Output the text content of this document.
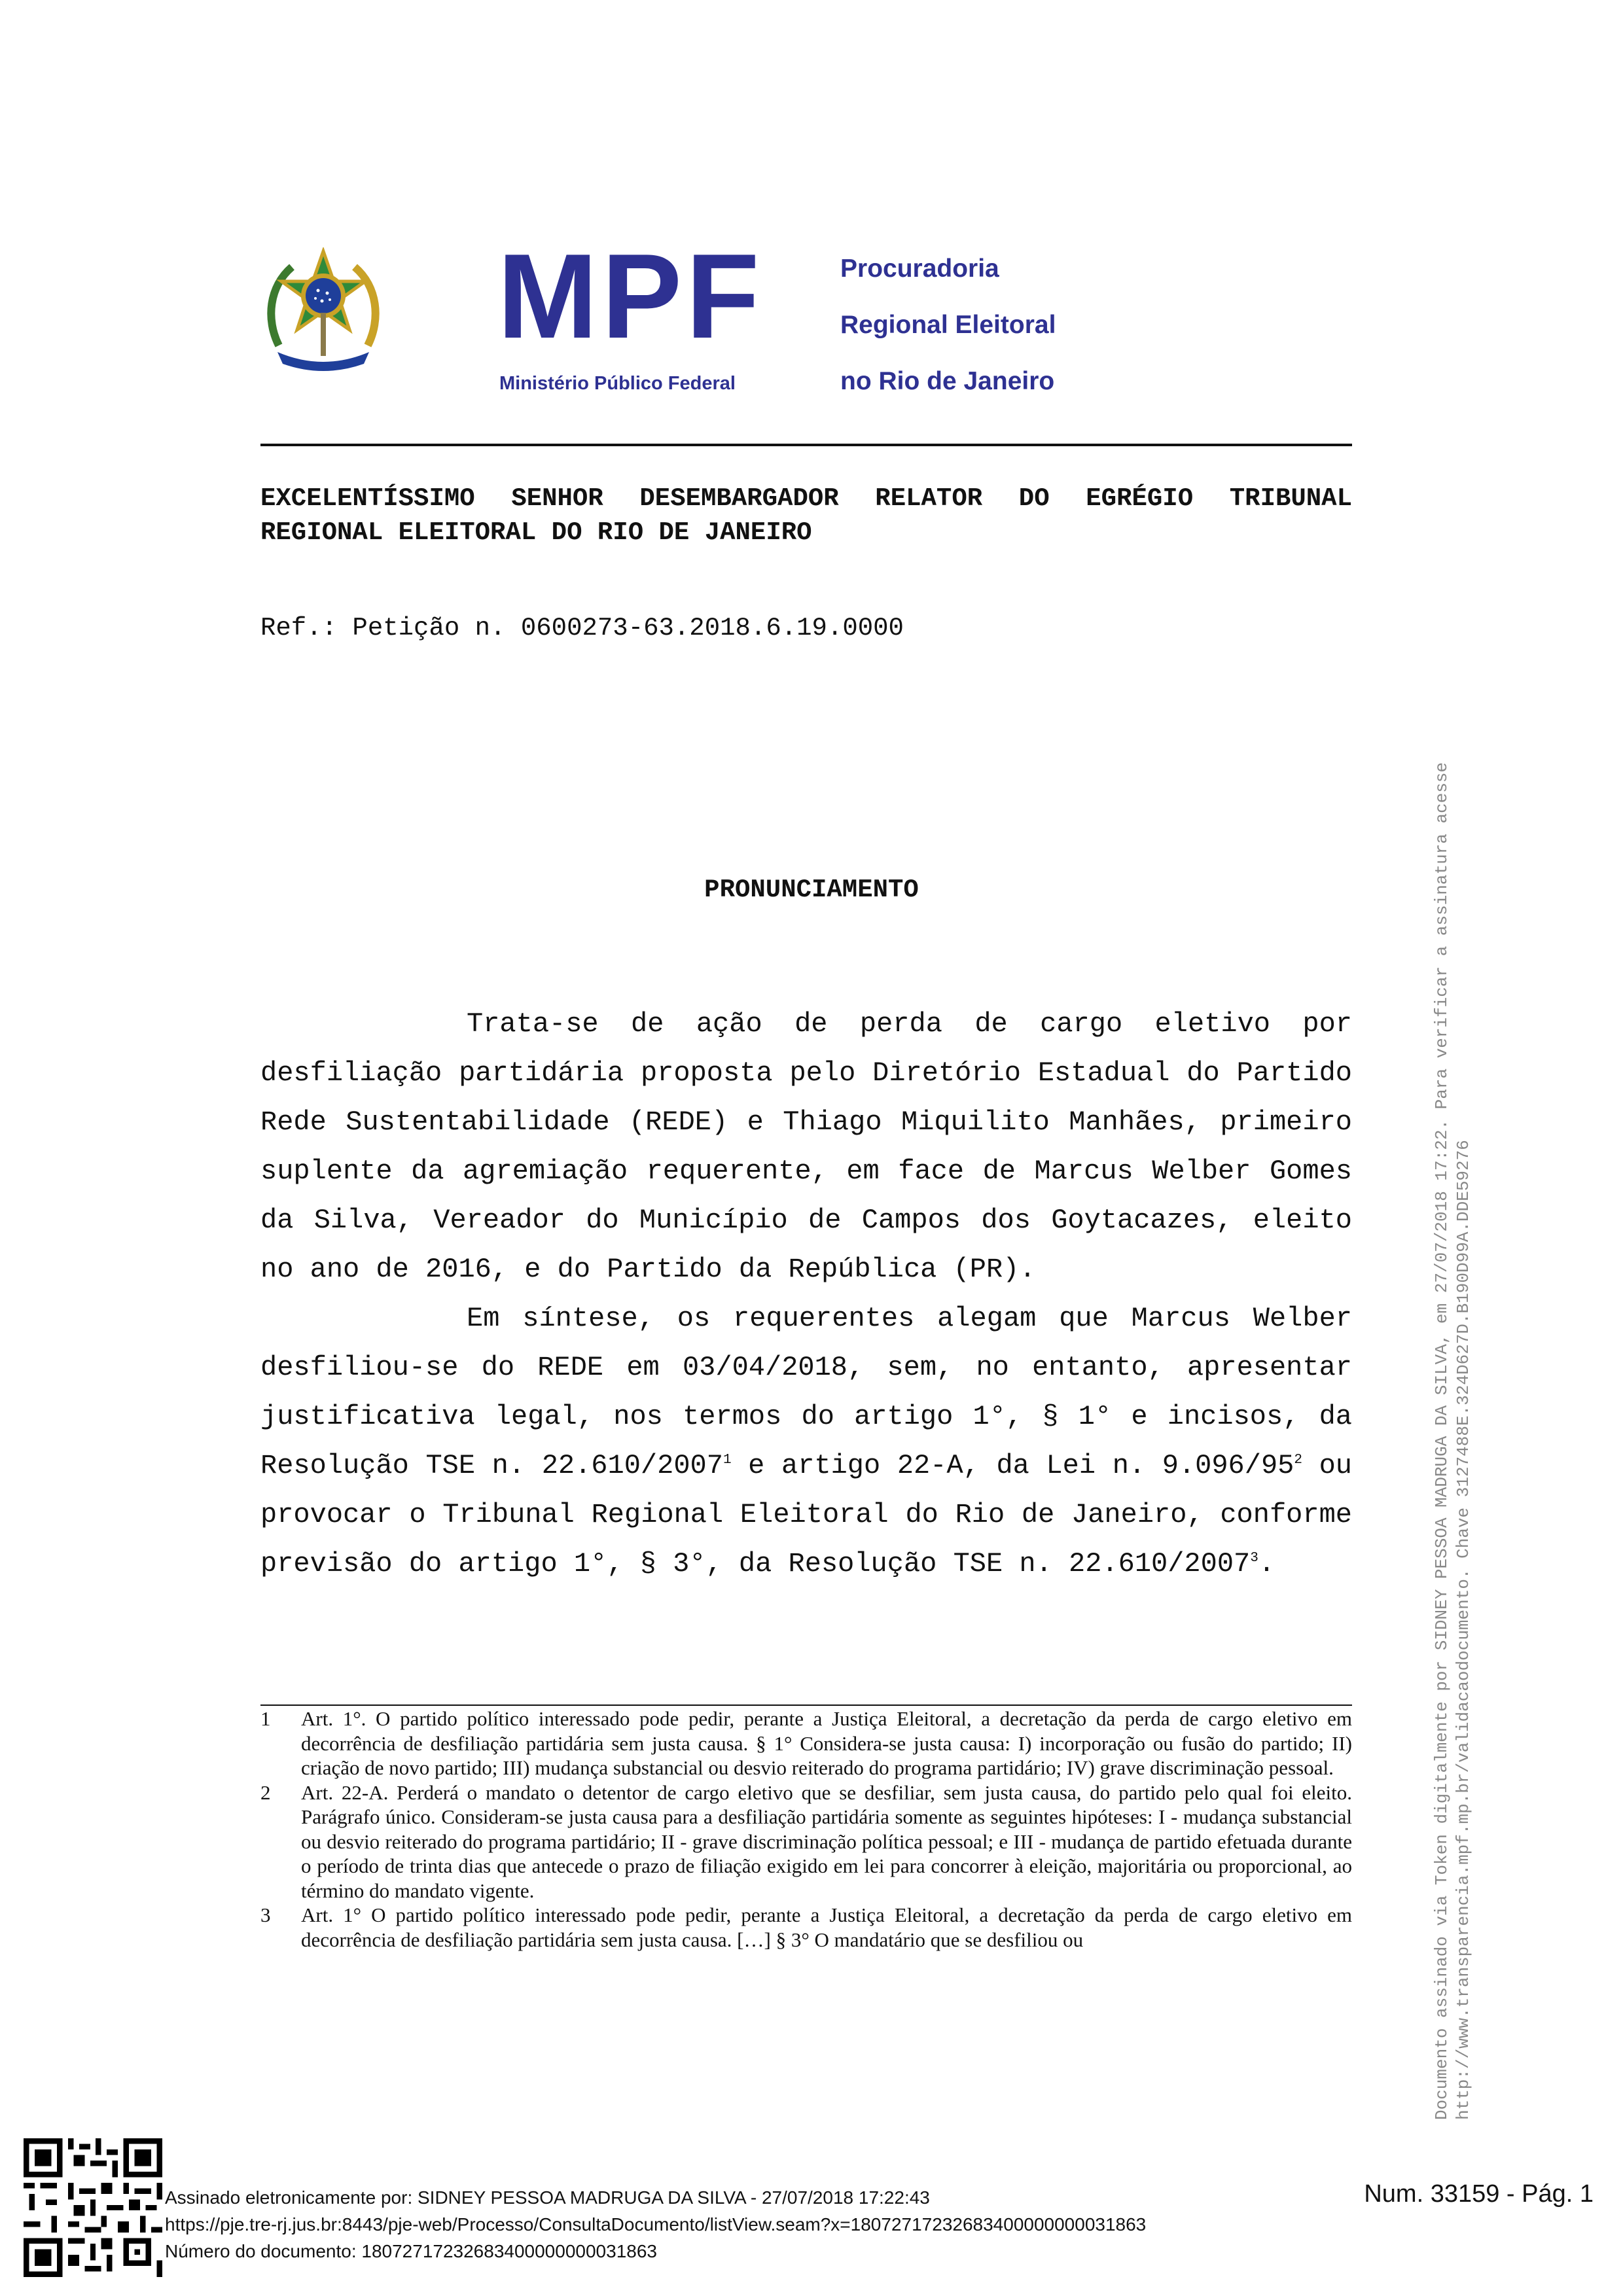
MPF
Ministério Público Federal
Procuradoria
Regional Eleitoral
no Rio de Janeiro
EXCELENTÍSSIMO SENHOR DESEMBARGADOR RELATOR DO EGRÉGIO TRIBUNAL REGIONAL ELEITORAL DO RIO DE JANEIRO
Ref.: Petição n. 0600273-63.2018.6.19.0000
PRONUNCIAMENTO

Trata-se de ação de perda de cargo eletivo por desfiliação partidária proposta pelo Diretório Estadual do Partido Rede Sustentabilidade (REDE) e Thiago Miquilito Manhães, primeiro suplente da agremiação requerente, em face de Marcus Welber Gomes da Silva, Vereador do Município de Campos dos Goytacazes, eleito no ano de 2016, e do Partido da República (PR).

Em síntese, os requerentes alegam que Marcus Welber desfiliou-se do REDE em 03/04/2018, sem, no entanto, apresentar justificativa legal, nos termos do artigo 1°, § 1° e incisos, da Resolução TSE n. 22.610/2007$^1$ e artigo 22-A, da Lei n. $9.096/95^2$ ou provocar o Tribunal Regional Eleitoral do Rio de Janeiro, conforme previsão do artigo 1°, § 3°, da Resolução TSE n. 22.610/2007$^3$.

1	Art. 1°. O partido político interessado pode pedir, perante a Justiça Eleitoral, a decretação da perda de cargo eletivo em decorrência de desfiliação partidária sem justa causa. § 1° Considera-se justa causa: I) incorporação ou fusão do partido; II) criação de novo partido; III) mudança substancial ou desvio reiterado do programa partidário; IV) grave discriminação pessoal.
2	Art. 22-A. Perderá o mandato o detentor de cargo eletivo que se desfiliar, sem justa causa, do partido pelo qual foi eleito. Parágrafo único. Consideram-se justa causa para a desfiliação partidária somente as seguintes hipóteses: I - mudança substancial ou desvio reiterado do programa partidário; II - grave discriminação política pessoal; e III - mudança de partido efetuada durante o período de trinta dias que antecede o prazo de filiação exigido em lei para concorrer à eleição, majoritária ou proporcional, ao término do mandato vigente.
3	Art. 1° O partido político interessado pode pedir, perante a Justiça Eleitoral, a decretação da perda de cargo eletivo em decorrência de desfiliação partidária sem justa causa. […] § 3° O mandatário que se desfiliou ou	Documento assinado via Token digitalmente por SIDNEY PESSOA MADRUGA DA SILVA, em 27/07/2018 17:22. Para verificar a assinatura acesse http://www.transparencia.mpf.mp.br/validacaodocumento. Chave 3127488E.324D627D.B190D99A.DDE59276
Assinado eletronicamente por: SIDNEY PESSOA MADRUGA DA SILVA - 27/07/2018 17:22:43
https://pje.tre-rj.jus.br:8443/pje-web/Processo/ConsultaDocumento/listView.seam?x=18072717232683400000000031863
Número do documento: 18072717232683400000000031863
Num. 33159 - Pág. 1
